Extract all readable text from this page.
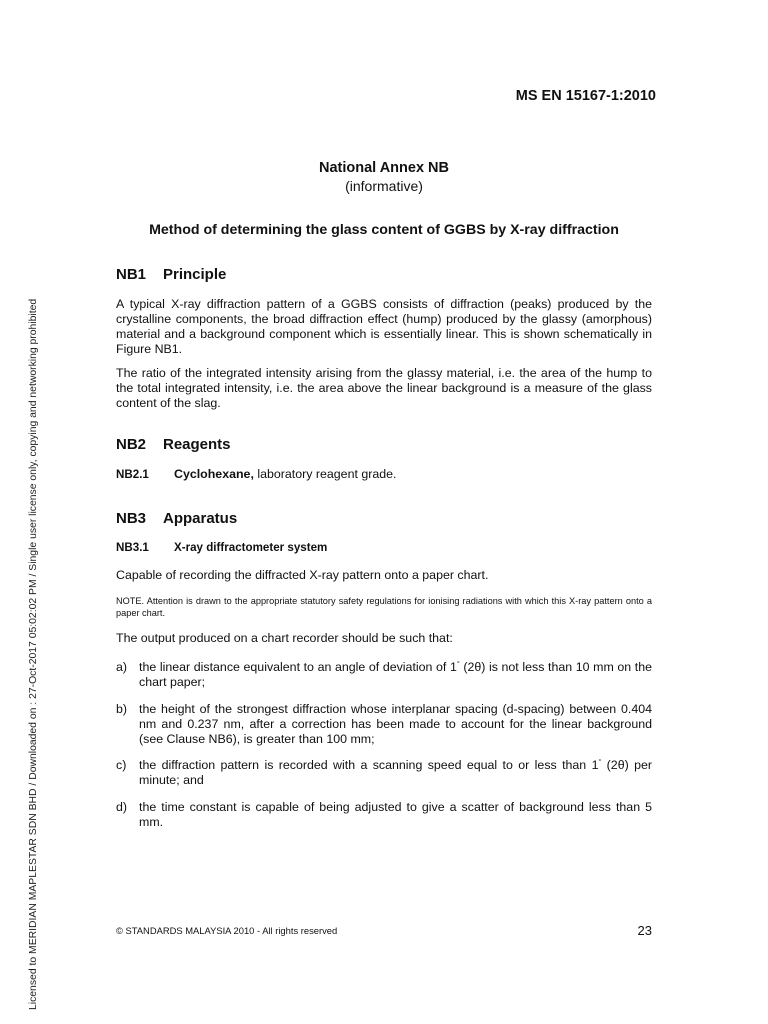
MS EN 15167-1:2010
National Annex NB
(informative)
Method of determining the glass content of GGBS by X-ray diffraction
NB1 Principle
A typical X-ray diffraction pattern of a GGBS consists of diffraction (peaks) produced by the crystalline components, the broad diffraction effect (hump) produced by the glassy (amorphous) material and a background component which is essentially linear. This is shown schematically in Figure NB1.
The ratio of the integrated intensity arising from the glassy material, i.e. the area of the hump to the total integrated intensity, i.e. the area above the linear background is a measure of the glass content of the slag.
NB2 Reagents
NB2.1 Cyclohexane, laboratory reagent grade.
NB3 Apparatus
NB3.1 X-ray diffractometer system
Capable of recording the diffracted X-ray pattern onto a paper chart.
NOTE. Attention is drawn to the appropriate statutory safety regulations for ionising radiations with which this X-ray pattern onto a paper chart.
The output produced on a chart recorder should be such that:
a) the linear distance equivalent to an angle of deviation of 1° (2θ) is not less than 10 mm on the chart paper;
b) the height of the strongest diffraction whose interplanar spacing (d-spacing) between 0.404 nm and 0.237 nm, after a correction has been made to account for the linear background (see Clause NB6), is greater than 100 mm;
c) the diffraction pattern is recorded with a scanning speed equal to or less than 1° (2θ) per minute; and
d) the time constant is capable of being adjusted to give a scatter of background less than 5 mm.
© STANDARDS MALAYSIA 2010 - All rights reserved	23
Licensed to MERIDIAN MAPLESTAR SDN BHD / Downloaded on : 27-Oct-2017 05:02:02 PM / Single user license only, copying and networking prohibited
